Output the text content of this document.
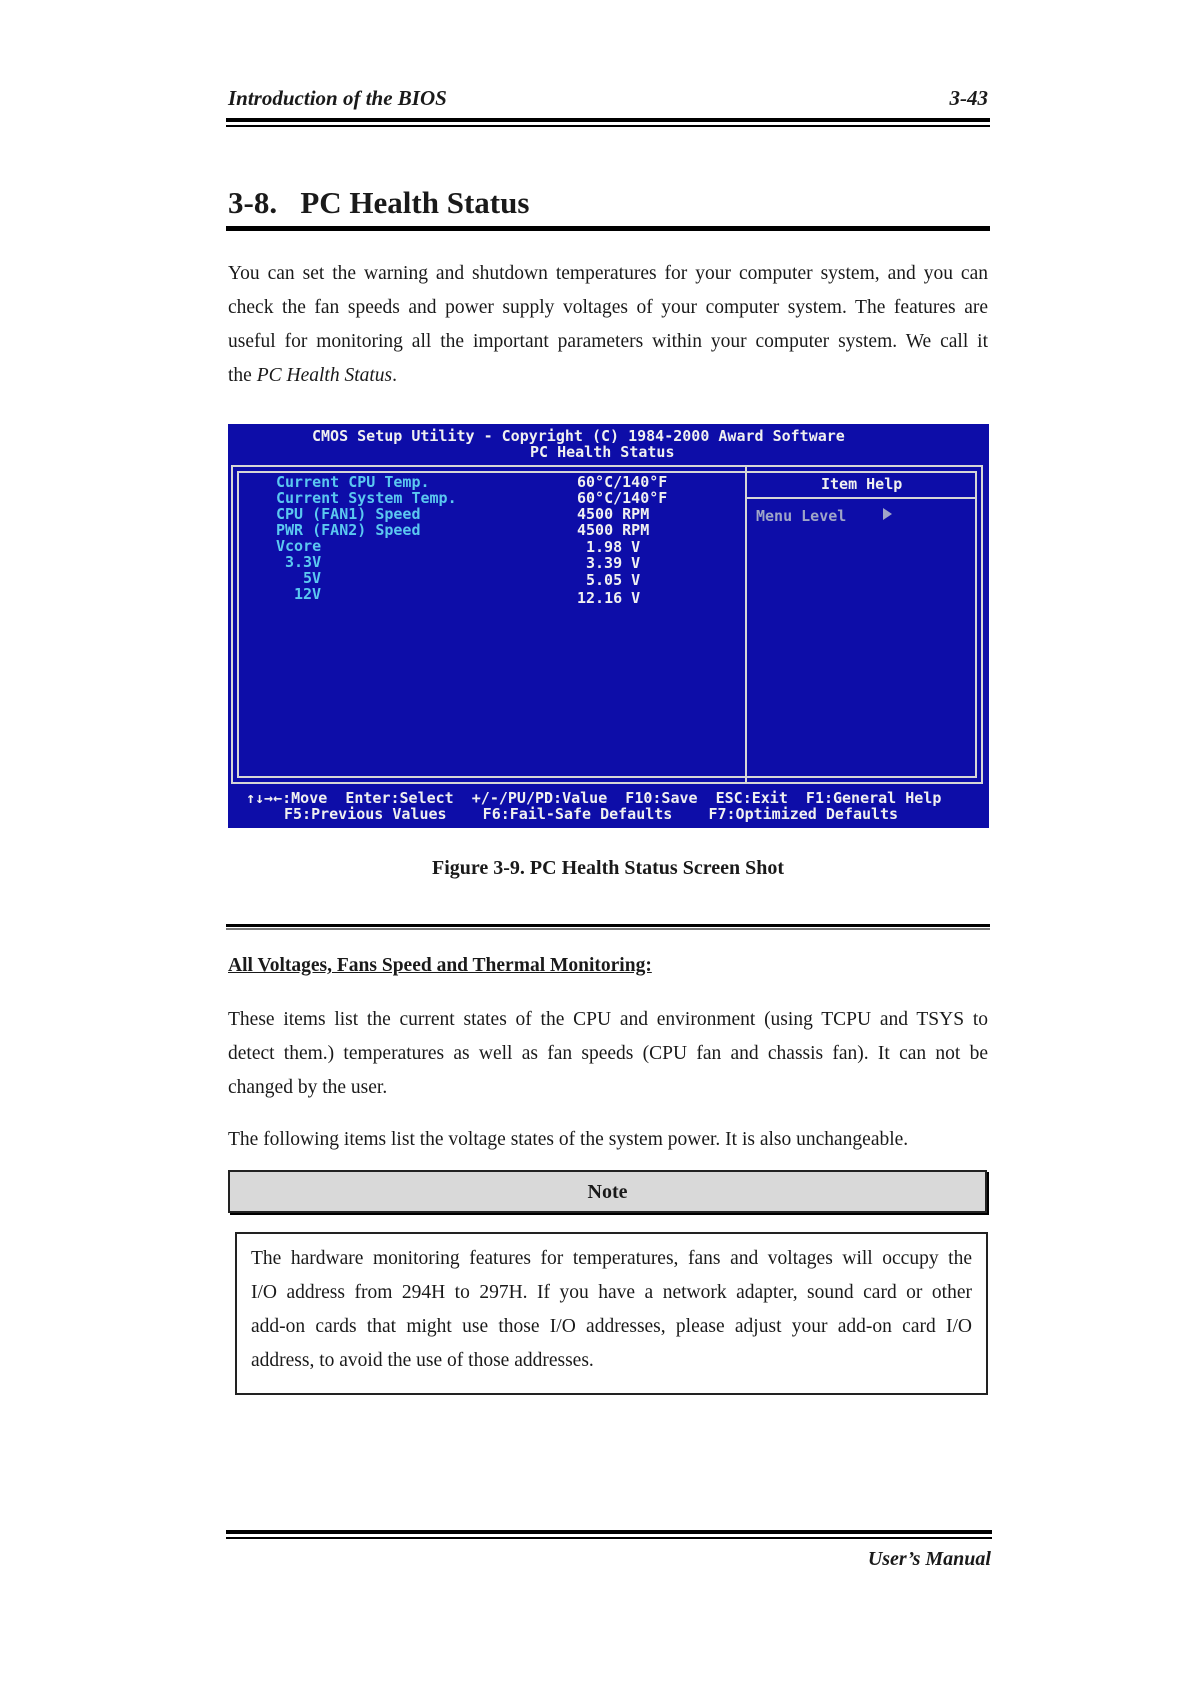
Introduction of the BIOS	3-43
3-8. PC Health Status
You can set the warning and shutdown temperatures for your computer system, and you can
check the fan speeds and power supply voltages of your computer system. The features are
useful for monitoring all the important parameters within your computer system. We call it
the PC Health Status.
CMOS Setup Utility - Copyright (C) 1984-2000 Award Software
PC Health Status
Current CPU Temp.
Current System Temp.
CPU (FAN1) Speed
PWR (FAN2) Speed
Vcore
3.3V
5V
12V
60°C/140°F
60°C/140°F
4500 RPM
4500 RPM
1.98 V
3.39 V
5.05 V
12.16 V
Item Help
Menu Level
↑↓→←:Move  Enter:Select  +/-/PU/PD:Value  F10:Save  ESC:Exit  F1:General Help
F5:Previous Values    F6:Fail-Safe Defaults    F7:Optimized Defaults
Figure 3-9. PC Health Status Screen Shot
All Voltages, Fans Speed and Thermal Monitoring:
These items list the current states of the CPU and environment (using TCPU and TSYS to
detect them.) temperatures as well as fan speeds (CPU fan and chassis fan). It can not be
changed by the user.
The following items list the voltage states of the system power. It is also unchangeable.
Note
The hardware monitoring features for temperatures, fans and voltages will occupy the
I/O address from 294H to 297H. If you have a network adapter, sound card or other
add-on cards that might use those I/O addresses, please adjust your add-on card I/O
address, to avoid the use of those addresses.
User’s Manual
